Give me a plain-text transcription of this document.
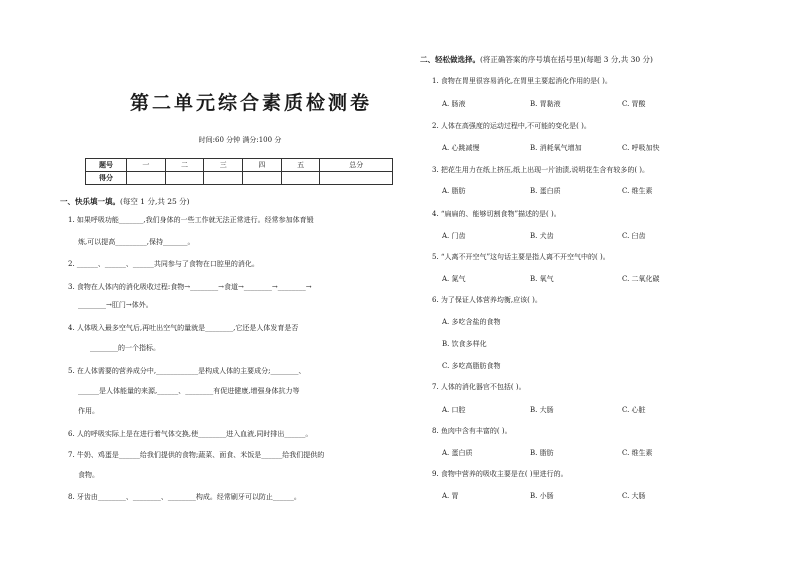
第二单元综合素质检测卷
时间:60 分钟 满分:100 分
题号	一	二	三	四	五	总分
得分						
一、快乐填一填。(每空 1 分,共 25 分)
1. 如果呼吸功能_______,我们身体的一些工作就无法正常进行。经常参加体育锻
炼,可以提高_________,保持_______。
2. ______、______、______共同参与了食物在口腔里的消化。
3. 食物在人体内的消化吸收过程:食物→________→食道→________→________→
________→肛门→体外。
4. 人体吸入最多空气后,再吐出空气的量就是________,它还是人体发育是否
________的一个指标。
5. 在人体需要的营养成分中,____________是构成人体的主要成分;________、
______是人体能量的来源,______、________有促进健康,增强身体抗力等
作用。
6. 人的呼吸实际上是在进行着气体交换,使________进入血液,同时排出______。
7. 牛奶、鸡蛋是______给我们提供的食物;蔬菜、面食、米饭是______给我们提供的
食物。
8. 牙齿由________、________、________构成。经常刷牙可以防止______。
二、轻松做选择。(将正确答案的序号填在括号里)(每题 3 分,共 30 分)
1. 食物在胃里很容易消化,在胃里主要起消化作用的是( )。
A. 肠液	B. 胃黏液	C. 胃酸
2. 人体在高强度的运动过程中,不可能的变化是( )。
A. 心跳减慢	B. 消耗氧气增加	C. 呼吸加快
3. 把花生用力在纸上挤压,纸上出现一片油渍,说明花生含有较多的( )。
A. 脂肪	B. 蛋白质	C. 维生素
4. “扁扁的、能够切割食物”描述的是( )。
A. 门齿	B. 犬齿	C. 臼齿
5. “人离不开空气”这句话主要是指人离不开空气中的( )。
A. 氮气	B. 氧气	C. 二氧化碳
6. 为了保证人体营养均衡,应该( )。
A. 多吃含盐的食物
B. 饮食多样化
C. 多吃高脂肪食物
7. 人体的消化器官不包括( )。
A. 口腔	B. 大肠	C. 心脏
8. 鱼肉中含有丰富的( )。
A. 蛋白质	B. 脂肪	C. 维生素
9. 食物中营养的吸收主要是在( )里进行的。
A. 胃	B. 小肠	C. 大肠
